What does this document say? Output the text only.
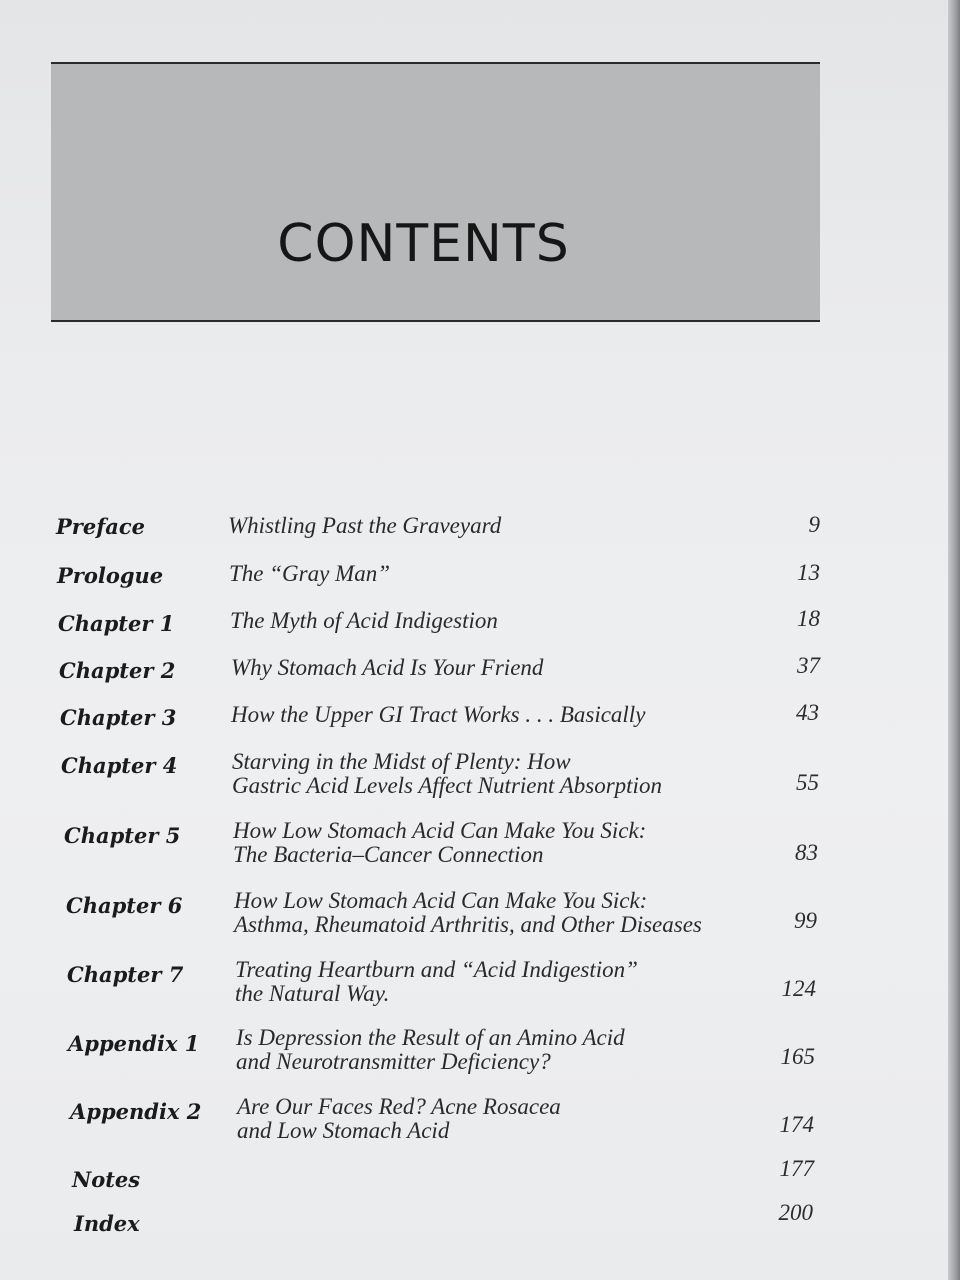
CONTENTS
Preface	Whistling Past the Graveyard	9
Prologue	The “Gray Man”	13
Chapter 1 The Myth of Acid Indigestion	18
Chapter 2 Why Stomach Acid Is Your Friend	37
Chapter 3 How the Upper GI Tract Works . . . Basically	43
Chapter 4 Starving in the Midst of Plenty: How
Gastric Acid Levels Affect Nutrient Absorption	55
Chapter 5 How Low Stomach Acid Can Make You Sick:
The Bacteria–Cancer Connection	83
Chapter 6 How Low Stomach Acid Can Make You Sick:
Asthma, Rheumatoid Arthritis, and Other Diseases	99
Chapter 7 Treating Heartburn and “Acid Indigestion”
the Natural Way.	124
Appendix 1 Is Depression the Result of an Amino Acid
and Neurotransmitter Deficiency?	165
Appendix 2 Are Our Faces Red? Acne Rosacea
and Low Stomach Acid	174
Notes	177
Index	200
